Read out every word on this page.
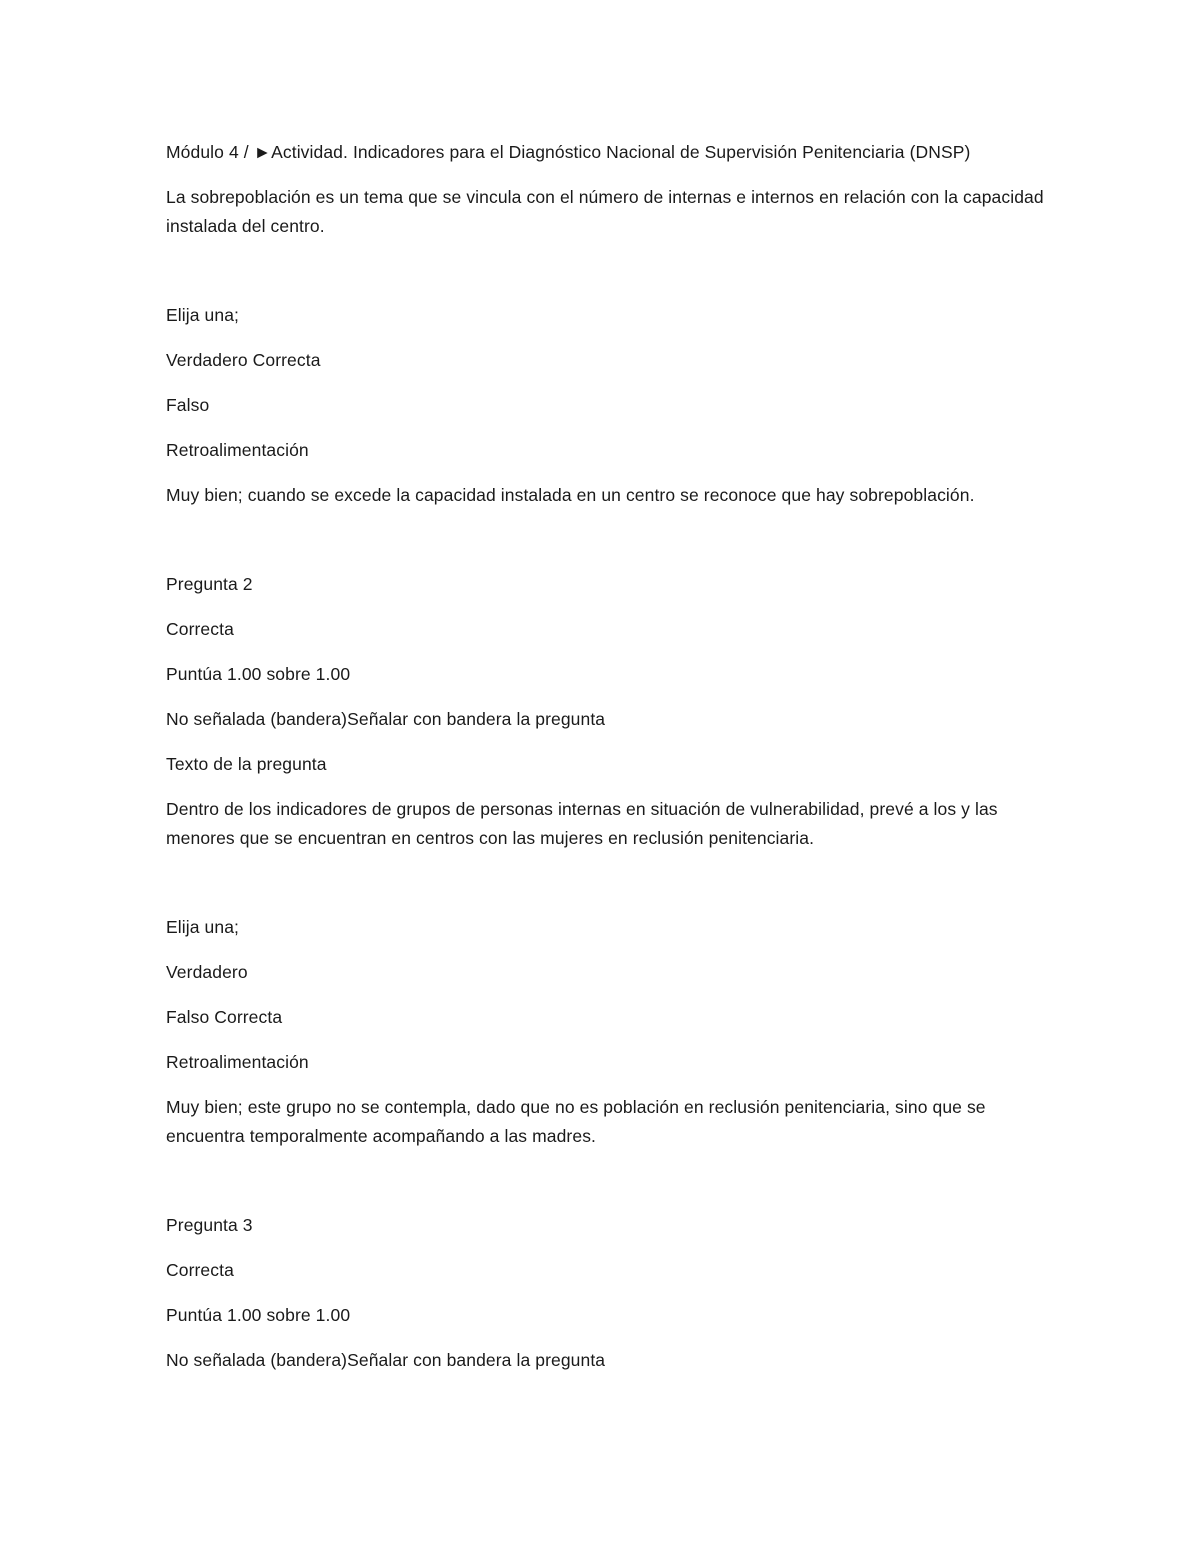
Módulo 4 / ►Actividad. Indicadores para el Diagnóstico Nacional de Supervisión Penitenciaria (DNSP)

La sobrepoblación es un tema que se vincula con el número de internas e internos en relación con la capacidad instalada del centro.

Elija una;

Verdadero Correcta

Falso

Retroalimentación

Muy bien; cuando se excede la capacidad instalada en un centro se reconoce que hay sobrepoblación.

Pregunta 2

Correcta

Puntúa 1.00 sobre 1.00

No señalada (bandera)Señalar con bandera la pregunta

Texto de la pregunta

Dentro de los indicadores de grupos de personas internas en situación de vulnerabilidad, prevé a los y las menores que se encuentran en centros con las mujeres en reclusión penitenciaria.

Elija una;

Verdadero

Falso Correcta

Retroalimentación

Muy bien; este grupo no se contempla, dado que no es población en reclusión penitenciaria, sino que se encuentra temporalmente acompañando a las madres.

Pregunta 3

Correcta

Puntúa 1.00 sobre 1.00

No señalada (bandera)Señalar con bandera la pregunta
